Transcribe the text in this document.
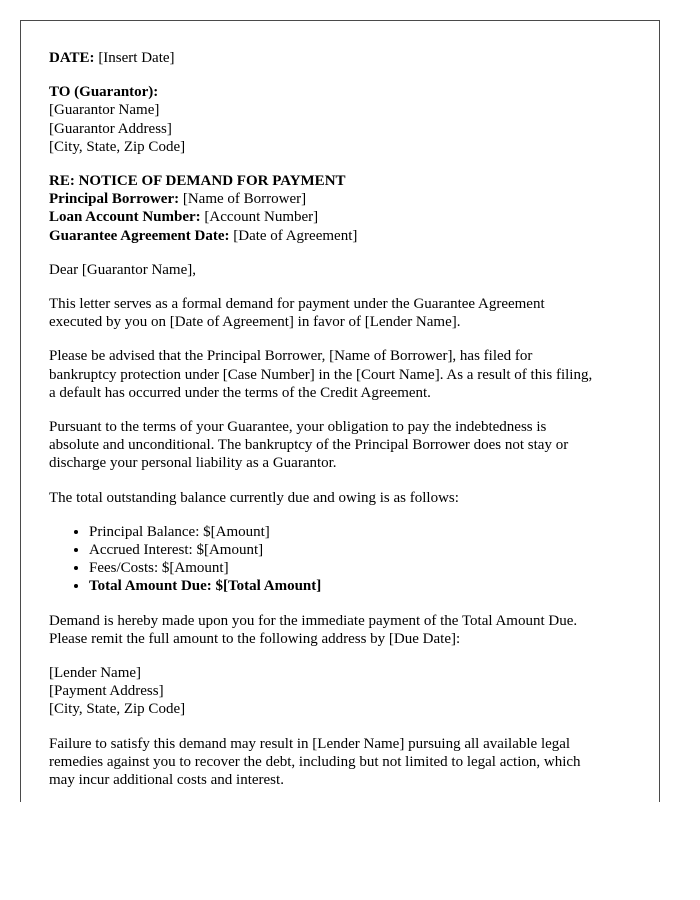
DATE: [Insert Date]

TO (Guarantor):
[Guarantor Name]
[Guarantor Address]
[City, State, Zip Code]
RE: NOTICE OF DEMAND FOR PAYMENT
Principal Borrower: [Name of Borrower]
Loan Account Number: [Account Number]
Guarantee Agreement Date: [Date of Agreement]

Dear [Guarantor Name],

This letter serves as a formal demand for payment under the Guarantee Agreement
executed by you on [Date of Agreement] in favor of [Lender Name].
Please be advised that the Principal Borrower, [Name of Borrower], has filed for
bankruptcy protection under [Case Number] in the [Court Name]. As a result of this filing,
a default has occurred under the terms of the Credit Agreement.
Pursuant to the terms of your Guarantee, your obligation to pay the indebtedness is
absolute and unconditional. The bankruptcy of the Principal Borrower does not stay or
discharge your personal liability as a Guarantor.
The total outstanding balance currently due and owing is as follows:
• Principal Balance: $[Amount]
• Accrued Interest: $[Amount]
• Fees/Costs: $[Amount]
• Total Amount Due: $[Total Amount]
Demand is hereby made upon you for the immediate payment of the Total Amount Due.
Please remit the full amount to the following address by [Due Date]:
[Lender Name]
[Payment Address]
[City, State, Zip Code]
Failure to satisfy this demand may result in [Lender Name] pursuing all available legal
remedies against you to recover the debt, including but not limited to legal action, which
may incur additional costs and interest.
